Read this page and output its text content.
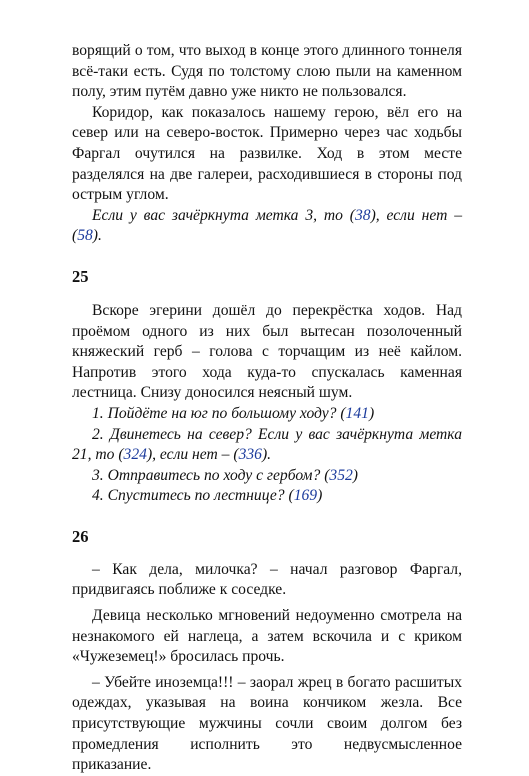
ворящий о том, что выход в конце этого длинного тоннеля всё-таки есть. Судя по толстому слою пыли на каменном полу, этим путём давно уже никто не пользовался.

Коридор, как показалось нашему герою, вёл его на север или на северо-восток. Примерно через час ходьбы Фаргал очутился на развилке. Ход в этом месте разделялся на две галереи, расходившиеся в стороны под острым углом.

Если у вас зачёркнута метка 3, то (38), если нет – (58).

25

Вскоре эгерини дошёл до перекрёстка ходов. Над проёмом одного из них был вытесан позолоченный княжеский герб – голова с торчащим из неё кайлом. Напротив этого хода куда-то спускалась каменная лестница. Снизу доносился неясный шум.

1. Пойдёте на юг по большому ходу? (141)

2. Двинетесь на север? Если у вас зачёркнута метка 21, то (324), если нет – (336).

3. Отправитесь по ходу с гербом? (352)

4. Спуститесь по лестнице? (169)

26

– Как дела, милочка? – начал разговор Фаргал, придвигаясь поближе к соседке.

Девица несколько мгновений недоуменно смотрела на незнакомого ей наглеца, а затем вскочила и с криком «Чужеземец!» бросилась прочь.

– Убейте иноземца!!! – заорал жрец в богато расшитых одеждах, указывая на воина кончиком жезла. Все присутствующие мужчины сочли своим долгом без промедления исполнить это недвусмысленное приказание.
